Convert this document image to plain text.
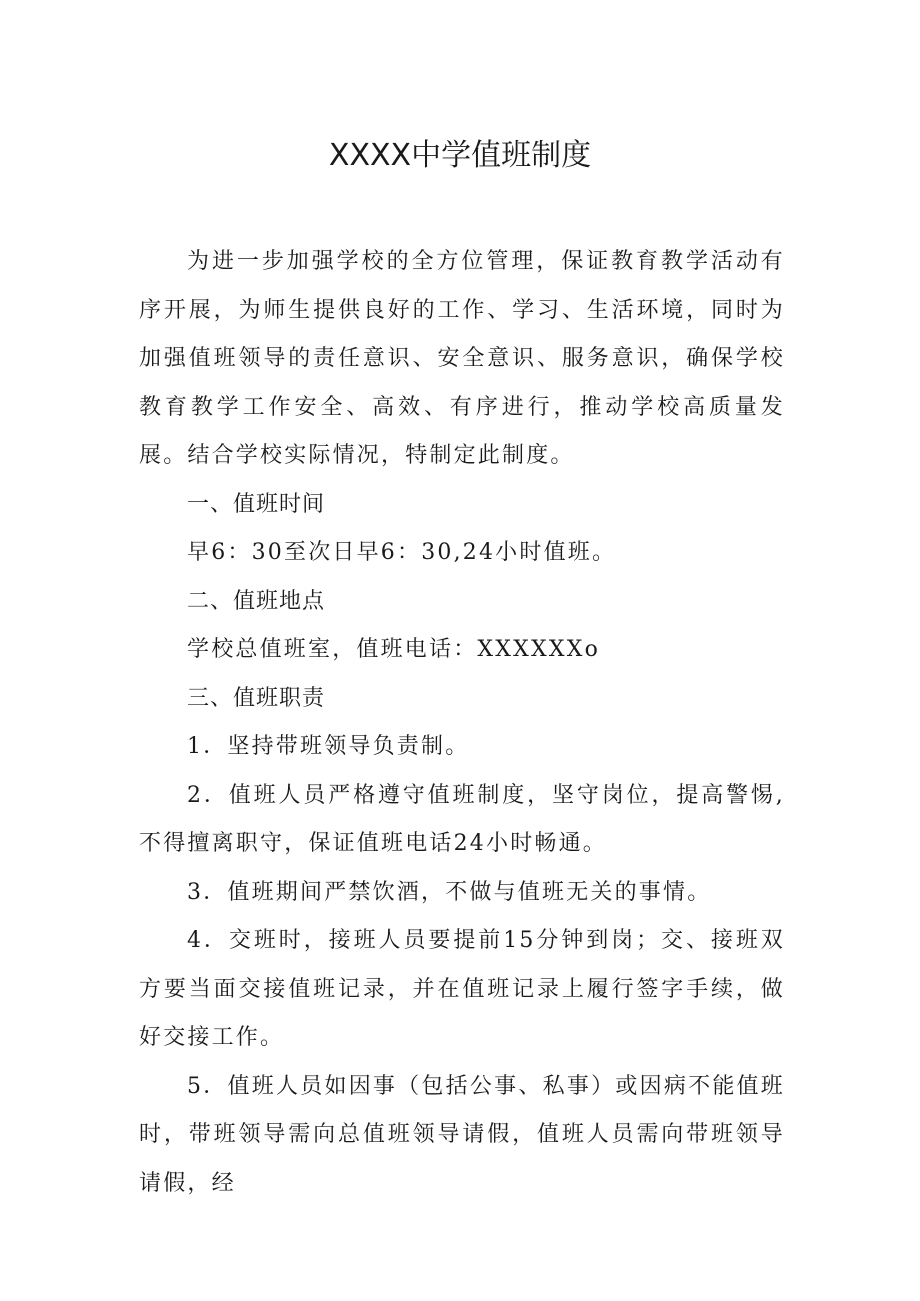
XXXX中学值班制度

为进一步加强学校的全方位管理，保证教育教学活动有序开展，为师生提供良好的工作、学习、生活环境，同时为加强值班领导的责任意识、安全意识、服务意识，确保学校教育教学工作安全、高效、有序进行，推动学校高质量发展。结合学校实际情况，特制定此制度。

一、值班时间

早6：30至次日早6：30,24小时值班。

二、值班地点

学校总值班室，值班电话：XXXXXXo

三、值班职责

1．坚持带班领导负责制。

2．值班人员严格遵守值班制度，坚守岗位，提高警惕,不得擅离职守，保证值班电话24小时畅通。

3．值班期间严禁饮酒，不做与值班无关的事情。

4．交班时，接班人员要提前15分钟到岗；交、接班双方要当面交接值班记录，并在值班记录上履行签字手续，做好交接工作。

5．值班人员如因事（包括公事、私事）或因病不能值班时，带班领导需向总值班领导请假，值班人员需向带班领导请假，经
